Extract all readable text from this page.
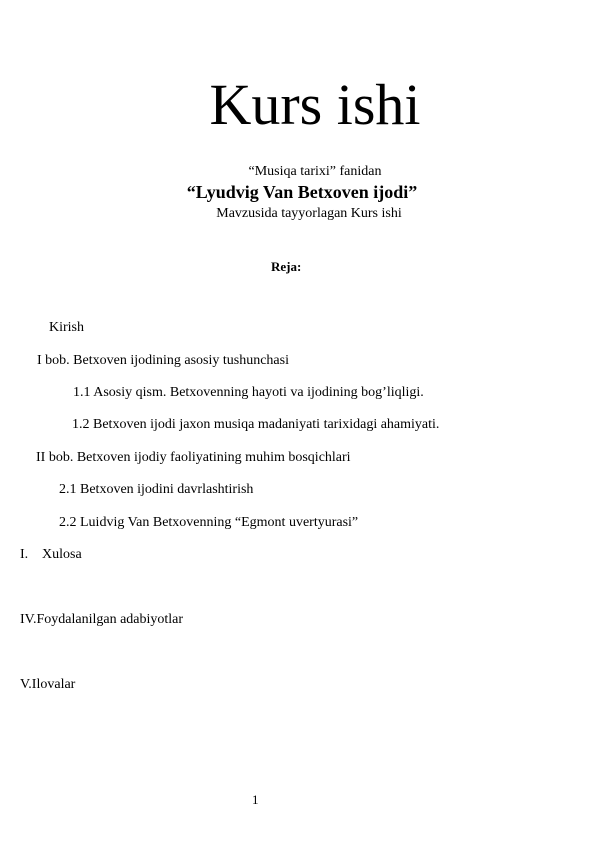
Kurs ishi
“Musiqa tarixi” fanidan
“Lyudvig Van Betxoven ijodi”
Mavzusida tayyorlagan Kurs ishi
Reja:
Kirish
I bob. Betxoven ijodining asosiy tushunchasi
1.1 Asosiy qism. Betxovenning hayoti va ijodining bog’liqligi.
1.2 Betxoven ijodi jaxon musiqa madaniyati tarixidagi ahamiyati.
II bob. Betxoven ijodiy faoliyatining muhim bosqichlari
2.1 Betxoven ijodini davrlashtirish
2.2 Luidvig Van Betxovenning “Egmont uvertyurasi”
I. Xulosa
IV.Foydalanilgan adabiyotlar
V.Ilovalar
1
